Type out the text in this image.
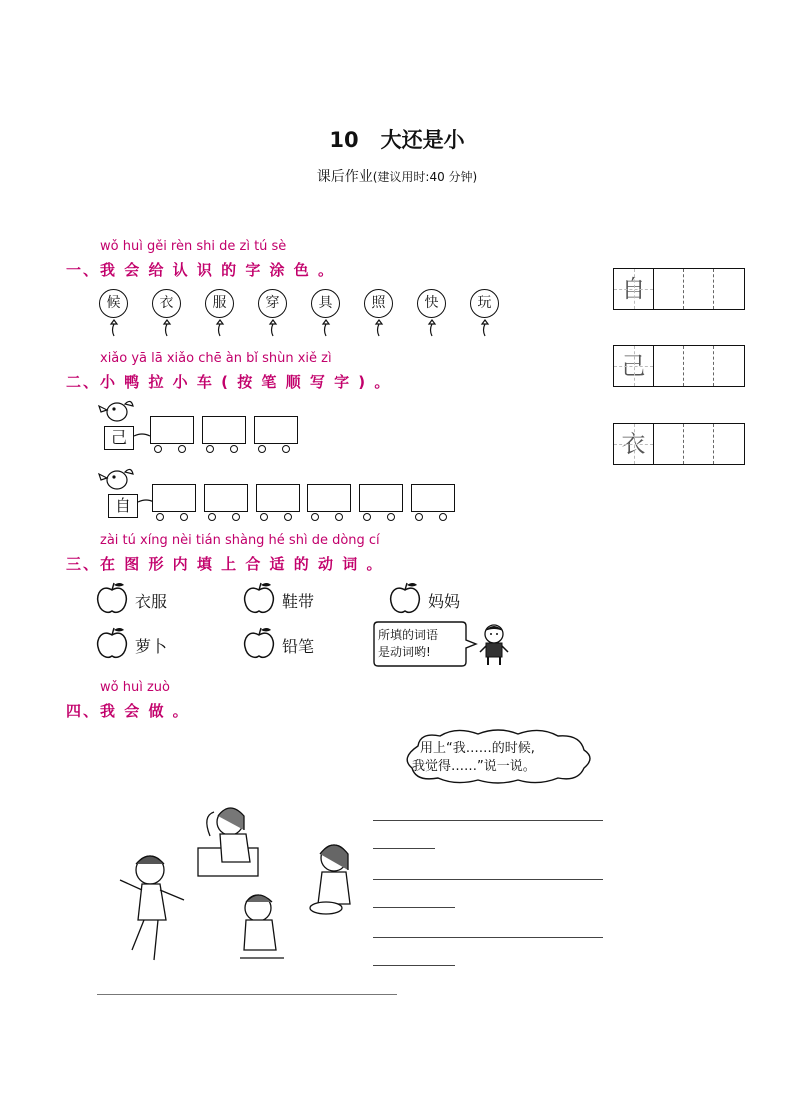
10 大还是小
课后作业(建议用时:40 分钟)
wǒ huì gěi rèn shi de zì tú sè
一、我 会 给 认 识 的 字 涂 色 。
候	衣	服	穿	具	照	快	玩	自
己
衣
xiǎo yā lā xiǎo chē àn bǐ shùn xiě zì
二、小 鸭 拉 小 车 ( 按 笔 顺 写 字 ) 。
己
自
zài tú xíng nèi tián shàng hé shì de dòng cí
三、在 图 形 内 填 上 合 适 的 动 词 。
衣服	鞋带	妈妈
萝卜	铅笔
所填的词语
是动词哟!
wǒ huì zuò
四、我 会 做 。
用上“我……的时候,
我觉得……”说一说。
